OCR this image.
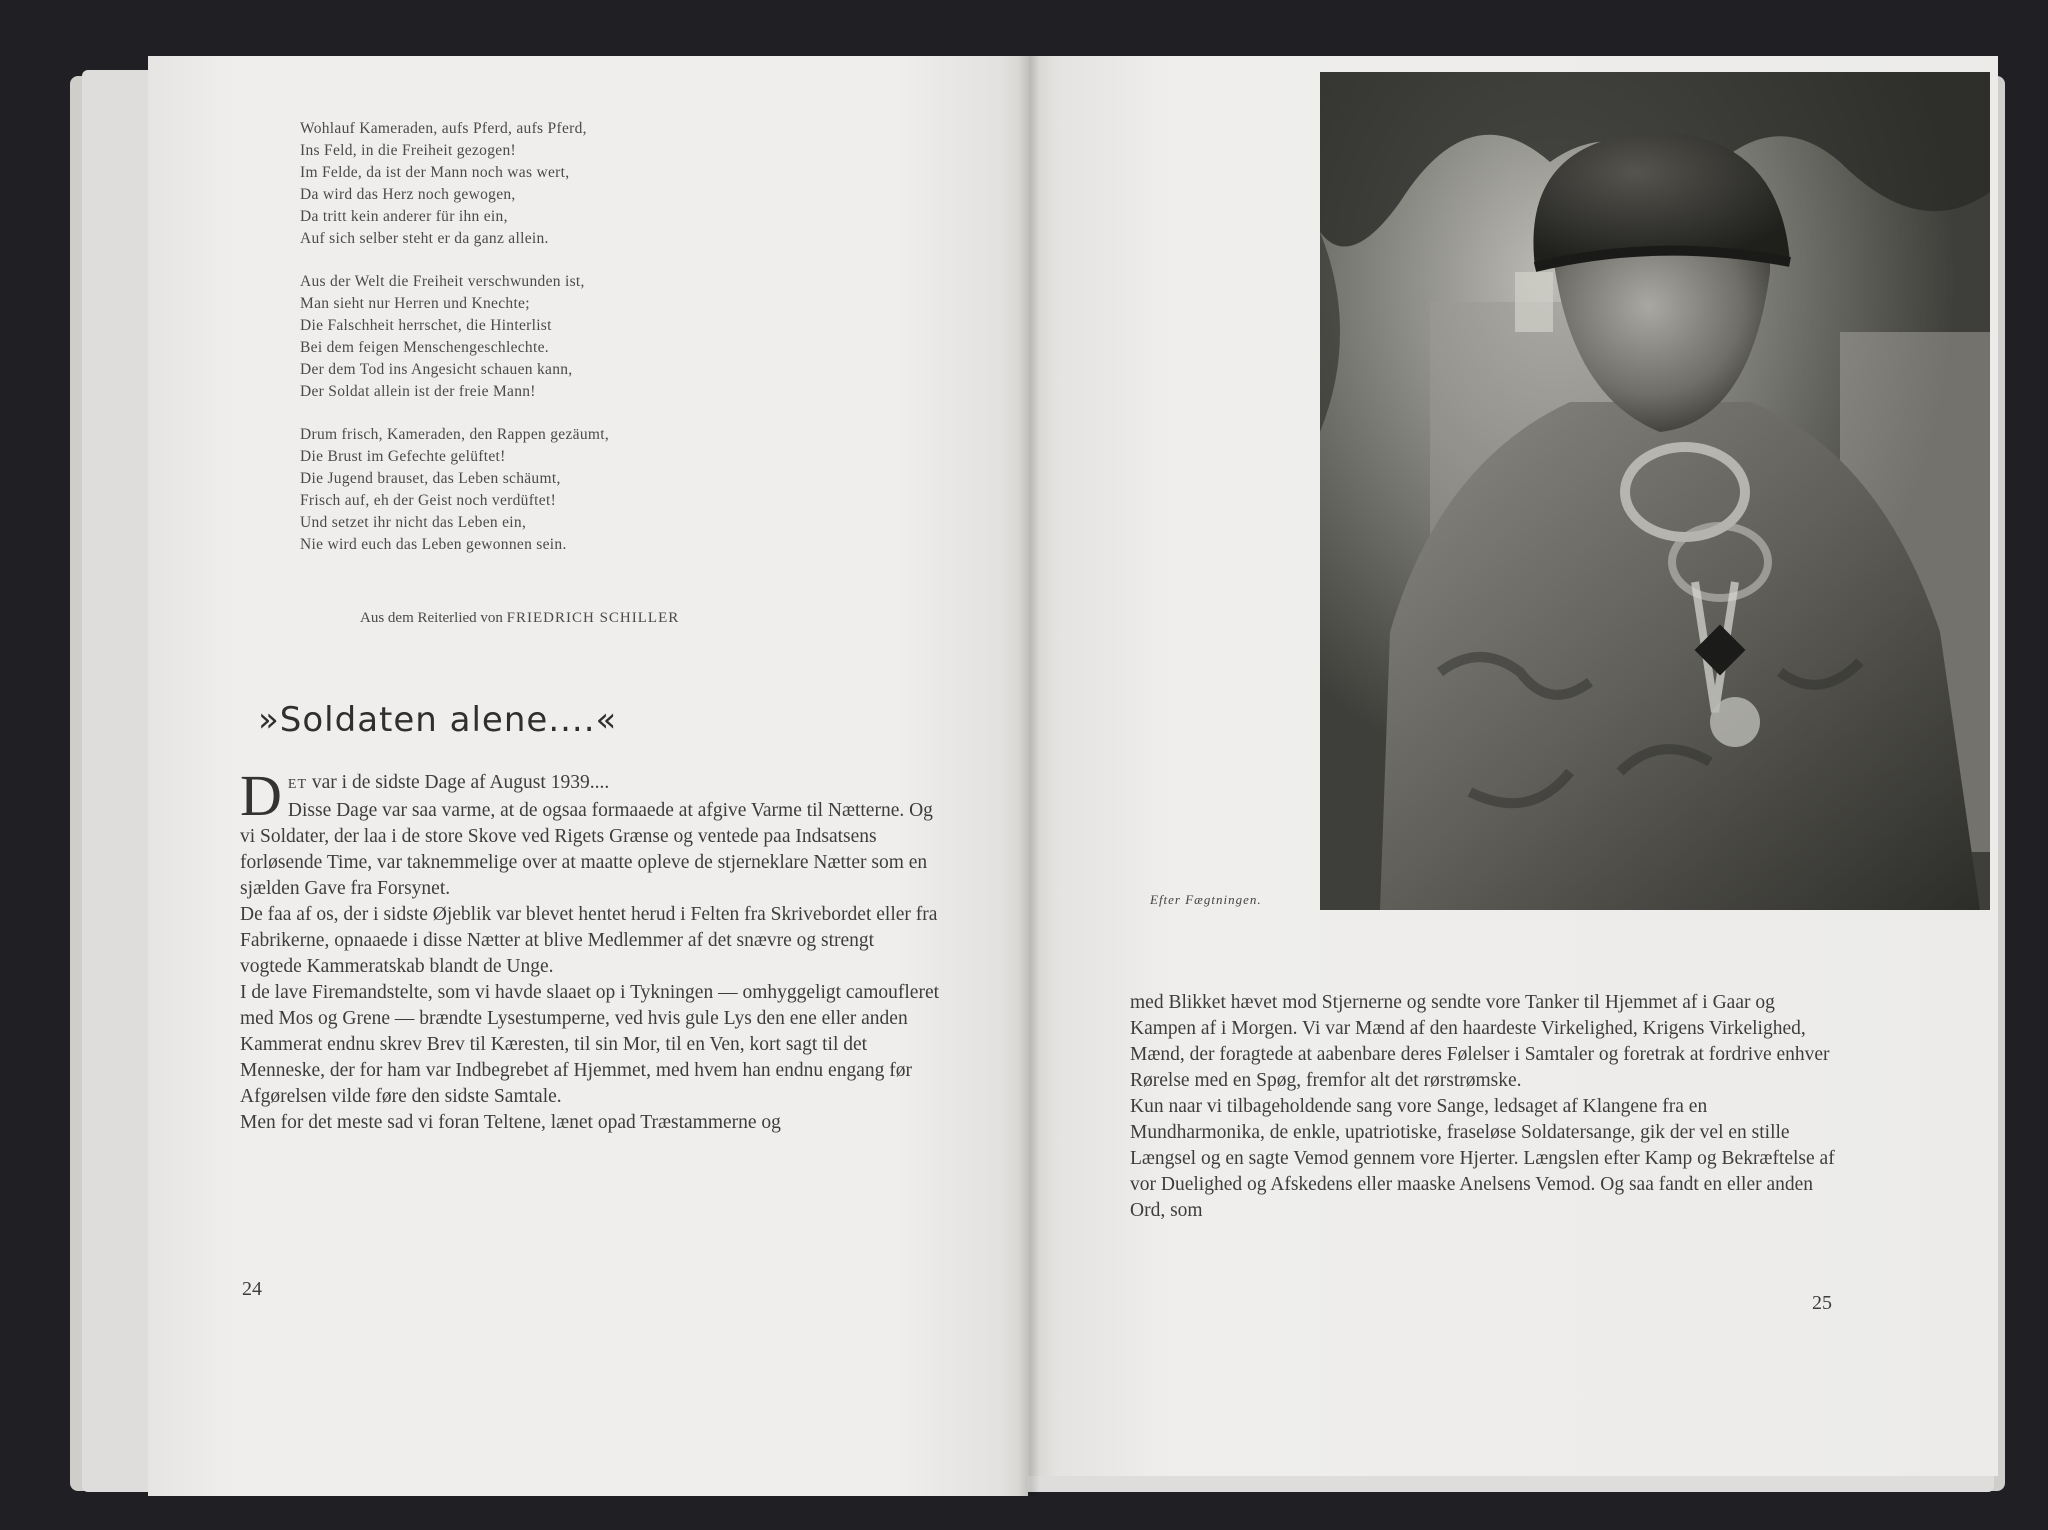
Wohlauf Kameraden, aufs Pferd, aufs Pferd,
Ins Feld, in die Freiheit gezogen!
Im Felde, da ist der Mann noch was wert,
Da wird das Herz noch gewogen,
Da tritt kein anderer für ihn ein,
Auf sich selber steht er da ganz allein.
Aus der Welt die Freiheit verschwunden ist,
Man sieht nur Herren und Knechte;
Die Falschheit herrschet, die Hinterlist
Bei dem feigen Menschengeschlechte.
Der dem Tod ins Angesicht schauen kann,
Der Soldat allein ist der freie Mann!
Drum frisch, Kameraden, den Rappen gezäumt,
Die Brust im Gefechte gelüftet!
Die Jugend brauset, das Leben schäumt,
Frisch auf, eh der Geist noch verdüftet!
Und setzet ihr nicht das Leben ein,
Nie wird euch das Leben gewonnen sein.
Aus dem Reiterlied von FRIEDRICH SCHILLER
»Soldaten alene....«

DET var i de sidste Dage af August 1939....
Disse Dage var saa varme, at de ogsaa formaaede at afgive Varme til Nætterne. Og vi Soldater, der laa i de store Skove ved Rigets Grænse og ventede paa Indsatsens forløsende Time, var taknemmelige over at maatte opleve de stjerneklare Nætter som en sjælden Gave fra Forsynet.

De faa af os, der i sidste Øjeblik var blevet hentet herud i Felten fra Skrivebordet eller fra Fabrikerne, opnaaede i disse Nætter at blive Medlemmer af det snævre og strengt vogtede Kammeratskab blandt de Unge.

I de lave Firemandstelte, som vi havde slaaet op i Tykningen — omhyggeligt camoufleret med Mos og Grene — brændte Lysestumperne, ved hvis gule Lys den ene eller anden Kammerat endnu skrev Brev til Kæresten, til sin Mor, til en Ven, kort sagt til det Menneske, der for ham var Indbegrebet af Hjemmet, med hvem han endnu engang før Afgørelsen vilde føre den sidste Samtale.

Men for det meste sad vi foran Teltene, lænet opad Træstammerne og

24
Efter Fægtningen.

med Blikket hævet mod Stjernerne og sendte vore Tanker til Hjemmet af i Gaar og Kampen af i Morgen. Vi var Mænd af den haardeste Virkelighed, Krigens Virkelighed, Mænd, der foragtede at aabenbare deres Følelser i Samtaler og foretrak at fordrive enhver Rørelse med en Spøg, fremfor alt det rørstrømske.

Kun naar vi tilbageholdende sang vore Sange, ledsaget af Klangene fra en Mundharmonika, de enkle, upatriotiske, fraseløse Soldatersange, gik der vel en stille Længsel og en sagte Vemod gennem vore Hjerter. Længslen efter Kamp og Bekræftelse af vor Duelighed og Afskedens eller maaske Anelsens Vemod. Og saa fandt en eller anden Ord, som

25
